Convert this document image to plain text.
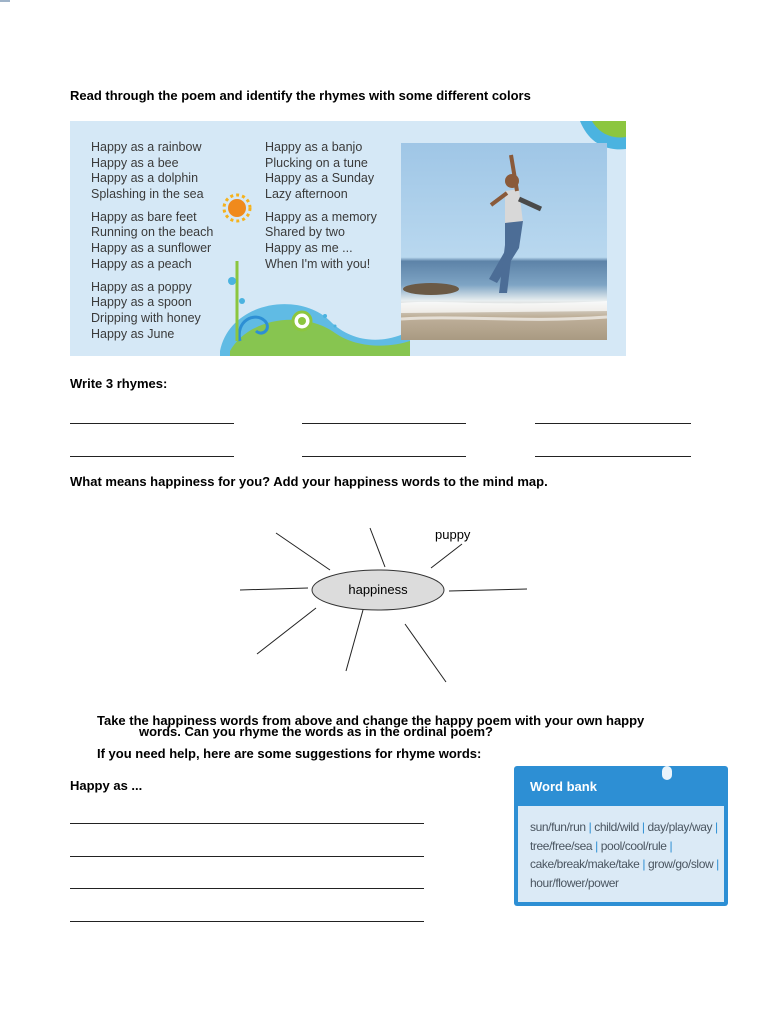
Read through the poem and identify the rhymes with some different colors
Happy as a rainbow
Happy as a bee
Happy as a dolphin
Splashing in the sea
Happy as bare feet
Running on the beach
Happy as a sunflower
Happy as a peach
Happy as a poppy
Happy as a spoon
Dripping with honey
Happy as June
Happy as a banjo
Plucking on a tune
Happy as a Sunday
Lazy afternoon
Happy as a memory
Shared by two
Happy as me ...
When I'm with you!
Write 3 rhymes:
What means happiness for you? Add your happiness words to the mind map.
happiness
puppy
Take the happiness words from above and change the happy poem with your own happy
words. Can you rhyme the words as in the ordinal poem?
If you need help, here are some suggestions for rhyme words:
Happy as ...	Word bank
sun/fun/run | child/wild | day/play/way | tree/free/sea | pool/cool/rule | cake/break/make/take | grow/go/slow | hour/flower/power
